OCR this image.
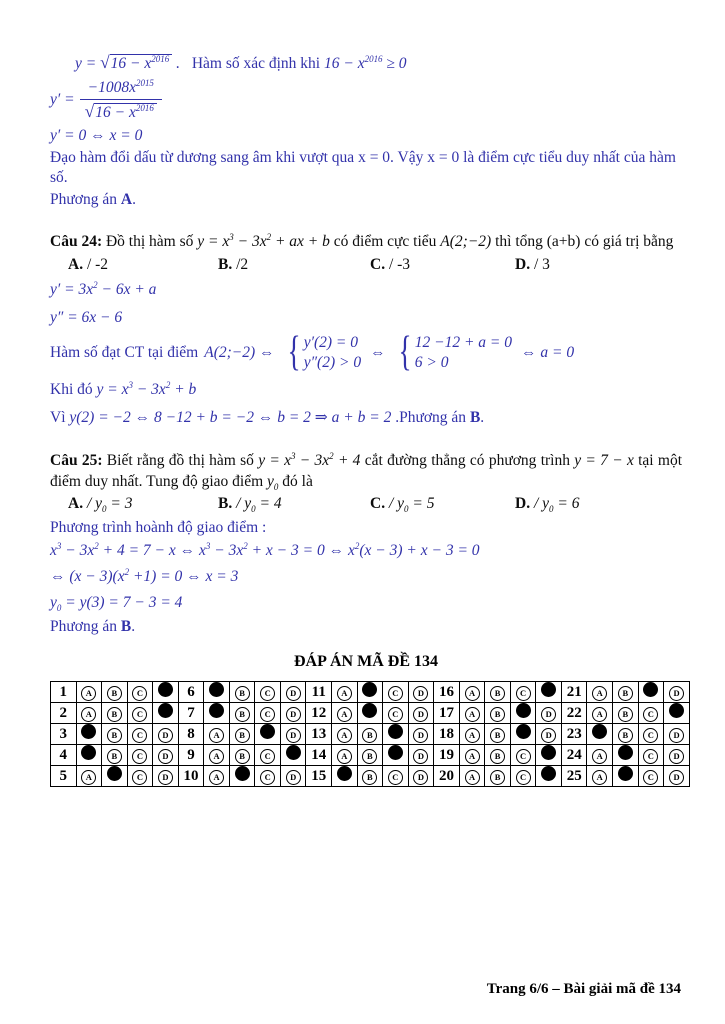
$y = √16 - x^{2016}$ . Hàm số xác định khi $16 - x^{2016} \ge 0$
$y' = \frac{-1008x^{2015}}{√16 - x^{2016}}$
y′ = 0 ⇔ x = 0
Đạo hàm đổi dấu từ dương sang âm khi vượt qua x = 0. Vậy x = 0 là điểm cực tiểu duy nhất của hàm số.
Phương án A.
Câu 24: Đồ thị hàm số $y = x^3 - 3x^2$ + ax + b có điểm cực tiểu A(2;−2) thì tổng (a+b) có giá trị bằng
A. / -2	B. /2	C. / -3	D. / 3
$y' = 3x^2 - 6x + a$
y″ = 6x − 6
Hàm số đạt CT tại điểm A(2;−2) ⇔ { y′(2) = 0
y″(2) > 0
⇔ { 12 −12 + a = 0
6 > 0
⇔ a = 0
Khi đó $y = x^3 - 3x^2 + b$
Vì y(2) = −2 ⇔ 8 −12 + b = −2 ⇔ b = 2 ⇒ a + b = 2 .Phương án B.
Câu 25: Biết rằng đồ thị hàm số $y = x^3 - 3x^2 + 4$ cắt đường thẳng có phương trình y = 7 − x tại một điểm duy nhất. Tung độ giao điểm $y_0$ đó là
A. / $y_0 = 3$	B. / $y_0 = 4$	C. / $y_0 = 5$	D. / $y_0 = 6$
Phương trình hoành độ giao điểm :
$x^3 - 3x^2 + 4 = 7 - x$ ⇔ $x^3 - 3x^2 + x - 3 = 0$ ⇔ $x^2(x - 3) + x - 3 = 0$
⇔ $(x - 3)(x^2 +1) = 0$ ⇔ x = 3
$y_0 = y(3) = 7 - 3 = 4$
Phương án B.
ĐÁP ÁN MÃ ĐỀ 134
1	A	B	C		6		B	C	D	11	A		C	D	16	A	B	C		21	A	B		D
2	A	B	C		7		B	C	D	12	A		C	D	17	A	B		D	22	A	B	C	
3		B	C	D	8	A	B		D	13	A	B		D	18	A	B		D	23		B	C	D
4		B	C	D	9	A	B	C		14	A	B		D	19	A	B	C		24	A		C	D
5	A		C	D	10	A		C	D	15		B	C	D	20	A	B	C		25	A		C	D
Trang 6/6 – Bài giải mã đề 134
